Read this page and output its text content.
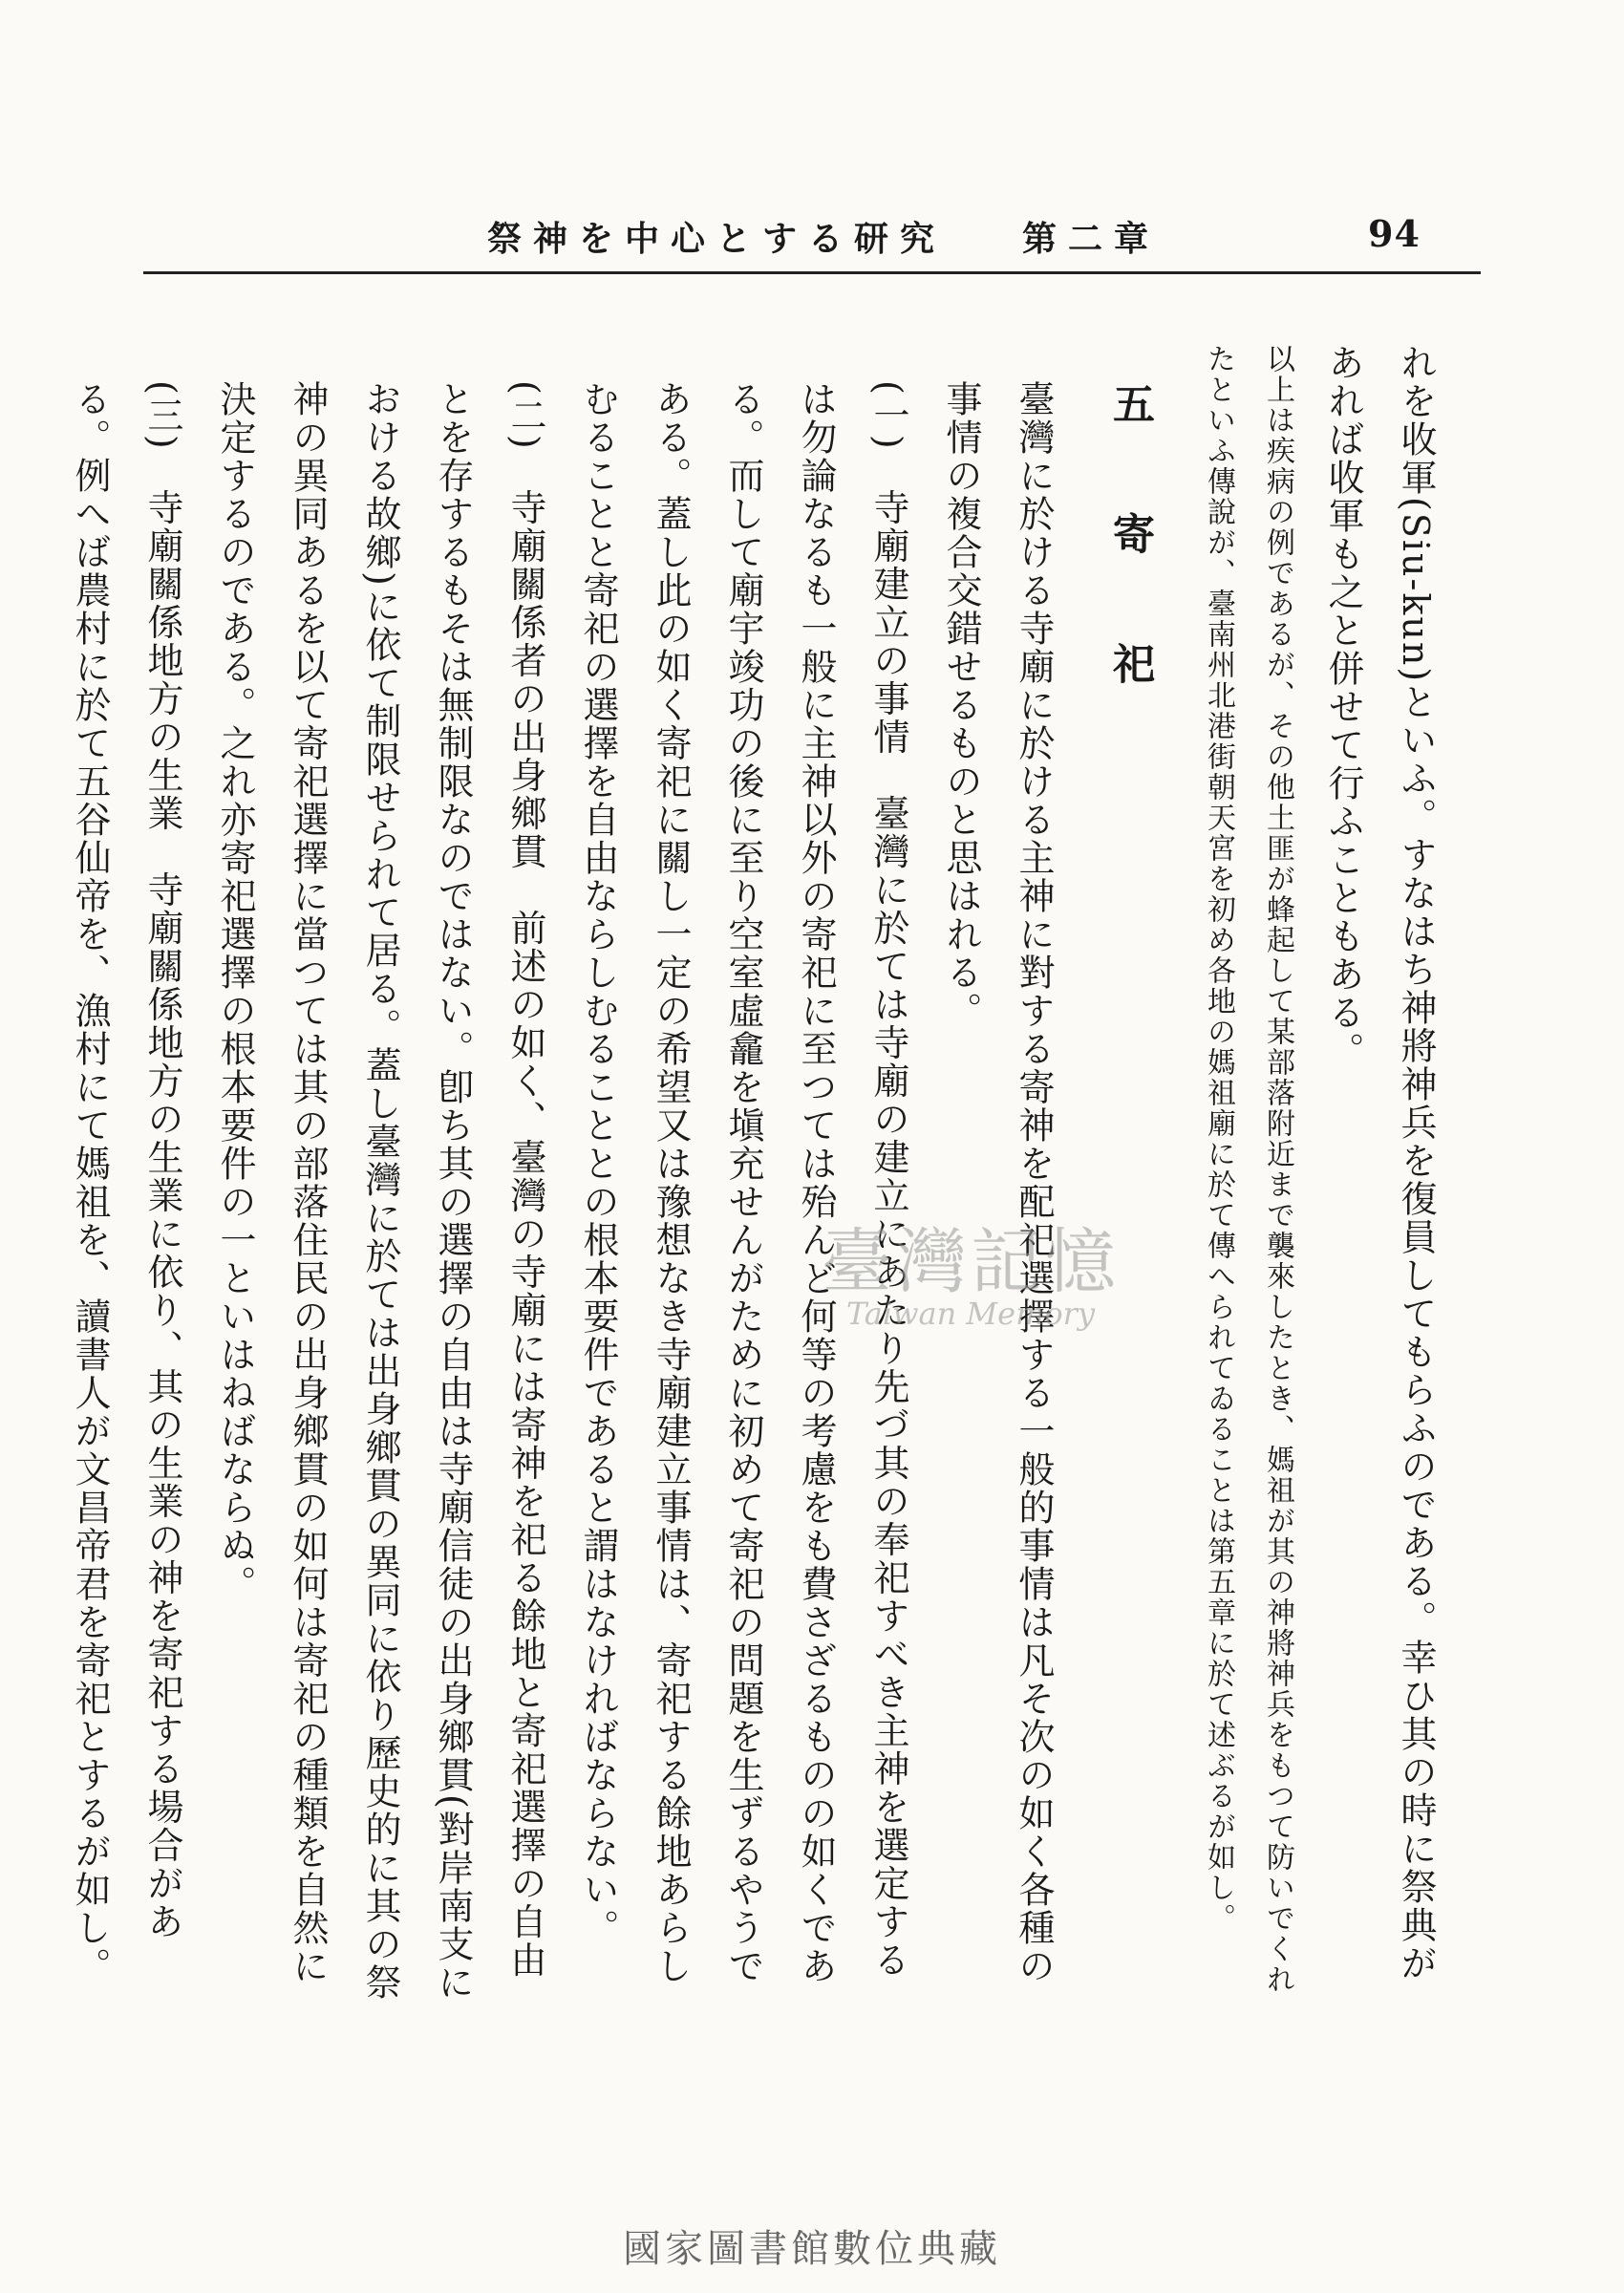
94
祭神を中心とする研究 第二章

れを收軍(Siu-kun)といふ。すなはち神將神兵を復員してもらふのである。幸ひ其の時に祭典があれば收軍も之と併せて行ふこともある。

以上は疾病の例であるが、その他土匪が蜂起して某部落附近まで襲來したとき、媽祖が其の神將神兵をもつて防いでくれたといふ傳說が、臺南州北港街朝天宮を初め各地の媽祖廟に於て傳へられてゐることは第五章に於て述ぶるが如し。

五　寄　祀

臺灣に於ける寺廟に於ける主神に對する寄神を配祀選擇する一般的事情は凡そ次の如く各種の事情の複合交錯せるものと思はれる。

(一)　寺廟建立の事情　臺灣に於ては寺廟の建立にあたり先づ其の奉祀すべき主神を選定するは勿論なるも一般に主神以外の寄祀に至つては殆んど何等の考慮をも費さざるものの如くである。而して廟宇竣功の後に至り空室虛龕を塡充せんがために初めて寄祀の問題を生ずるやうである。蓋し此の如く寄祀に關し一定の希望又は豫想なき寺廟建立事情は、寄祀する餘地あらしむることと寄祀の選擇を自由ならしむることとの根本要件であると謂はなければならない。

(二)　寺廟關係者の出身鄉貫　前述の如く、臺灣の寺廟には寄神を祀る餘地と寄祀選擇の自由とを存するもそは無制限なのではない。卽ち其の選擇の自由は寺廟信徒の出身鄉貫(對岸南支における故鄉)に依て制限せられて居る。蓋し臺灣に於ては出身鄉貫の異同に依り歷史的に其の祭神の異同あるを以て寄祀選擇に當つては其の部落住民の出身鄉貫の如何は寄祀の種類を自然に決定するのである。之れ亦寄祀選擇の根本要件の一といはねばならぬ。

(三)　寺廟關係地方の生業　寺廟關係地方の生業に依り、其の生業の神を寄祀する場合がある。例へば農村に於て五谷仙帝を、漁村にて媽祖を、讀書人が文昌帝君を寄祀とするが如し。	臺灣記憶
Taiwan Memory
國家圖書館數位典藏
